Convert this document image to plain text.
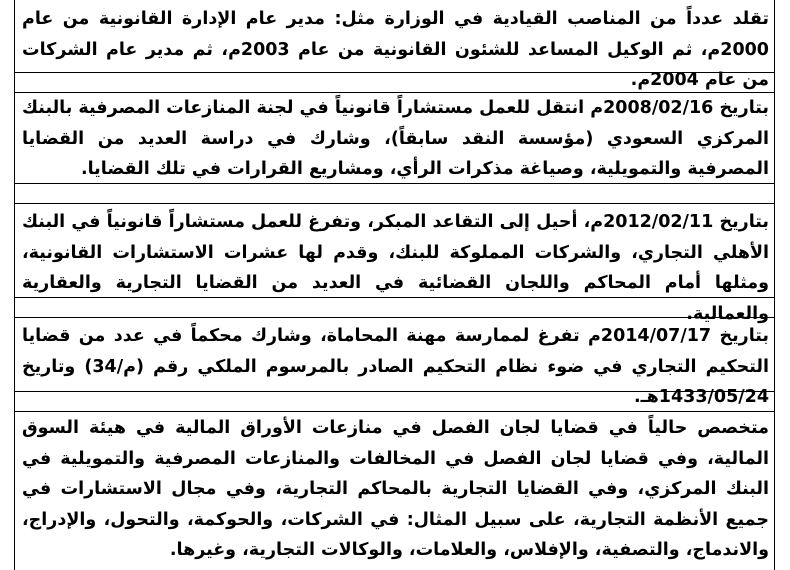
تقلد عدداً من المناصب القيادية في الوزارة مثل: مدير عام الإدارة القانونية من عام 2000م، ثم الوكيل المساعد للشئون القانونية من عام 2003م، ثم مدير عام الشركات من عام 2004م.
بتاريخ 2008/02/16م انتقل للعمل مستشاراً قانونياً في لجنة المنازعات المصرفية بالبنك المركزي السعودي (مؤسسة النقد سابقاً)، وشارك في دراسة العديد من القضايا المصرفية والتمويلية، وصياغة مذكرات الرأي، ومشاريع القرارات في تلك القضايا.
بتاريخ 2012/02/11م، أحيل إلى التقاعد المبكر، وتفرغ للعمل مستشاراً قانونياً في البنك الأهلي التجاري، والشركات المملوكة للبنك، وقدم لها عشرات الاستشارات القانونية، ومثلها أمام المحاكم واللجان القضائية في العديد من القضايا التجارية والعقارية والعمالية.
بتاريخ 2014/07/17م تفرغ لممارسة مهنة المحاماة، وشارك محكماً في عدد من قضايا التحكيم التجاري في ضوء نظام التحكيم الصادر بالمرسوم الملكي رقم (م/34) وتاريخ 1433/05/24هـ.
متخصص حالياً في قضايا لجان الفصل في منازعات الأوراق المالية في هيئة السوق المالية، وفي قضايا لجان الفصل في المخالفات والمنازعات المصرفية والتمويلية في البنك المركزي، وفي القضايا التجارية بالمحاكم التجارية، وفي مجال الاستشارات في جميع الأنظمة التجارية، على سبيل المثال: في الشركات، والحوكمة، والتحول، والإدراج، والاندماج، والتصفية، والإفلاس، والعلامات، والوكالات التجارية، وغيرها.
